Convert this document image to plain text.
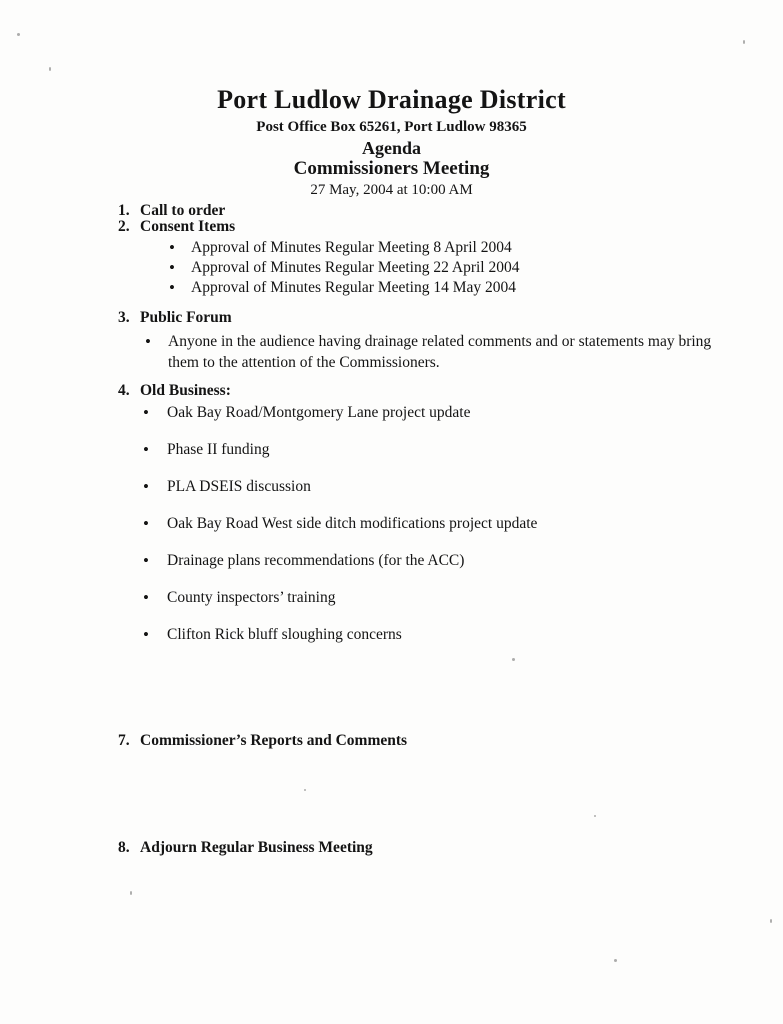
Port Ludlow Drainage District
Post Office Box 65261, Port Ludlow 98365
Agenda
Commissioners Meeting
27 May, 2004 at 10:00 AM
1. Call to order
2. Consent Items
• Approval of Minutes Regular Meeting 8 April 2004
• Approval of Minutes Regular Meeting 22 April 2004
• Approval of Minutes Regular Meeting 14 May 2004
3. Public Forum
• Anyone in the audience having drainage related comments and or statements may bring them to the attention of the Commissioners.
4. Old Business:
• Oak Bay Road/Montgomery Lane project update
• Phase II funding
• PLA DSEIS discussion
• Oak Bay Road West side ditch modifications project update
• Drainage plans recommendations (for the ACC)
• County inspectors’ training
• Clifton Rick bluff sloughing concerns
7. Commissioner’s Reports and Comments
8. Adjourn Regular Business Meeting
